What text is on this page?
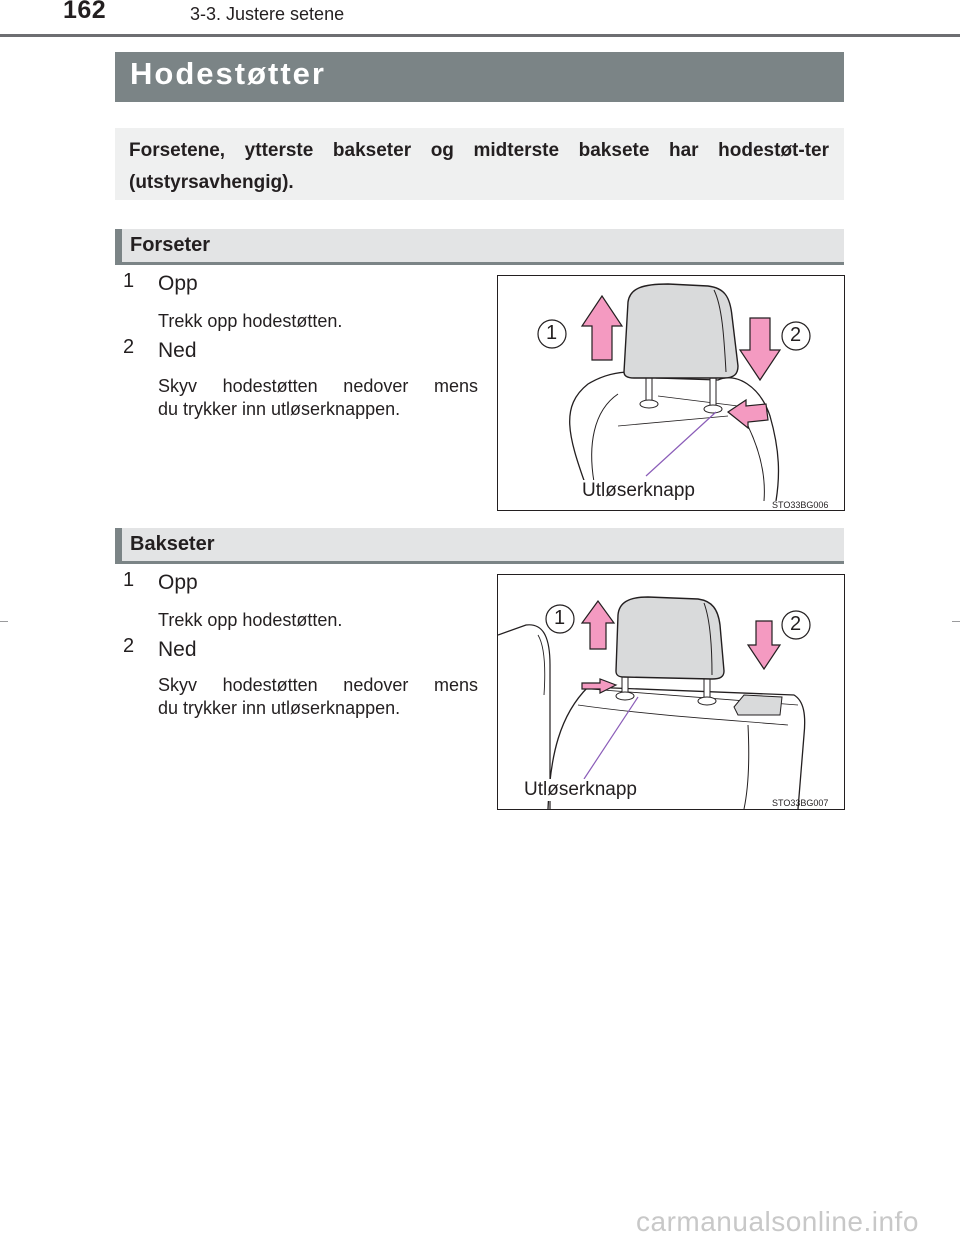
162	3-3. Justere setene
Hodestøtter
Forsetene, ytterste bakseter og midterste baksete har hodestøt-ter (utstyrsavhengig).
Forseter
1 Opp
Trekk opp hodestøtten.
2 Ned
Skyv hodestøtten nedover mens
du trykker inn utløserknappen.
1	2
Utløserknapp
STO33BG006
Bakseter
1 Opp
Trekk opp hodestøtten.
2 Ned
Skyv hodestøtten nedover mens
du trykker inn utløserknappen.
1	2
Utløserknapp
STO33BG007
carmanualsonline.info
